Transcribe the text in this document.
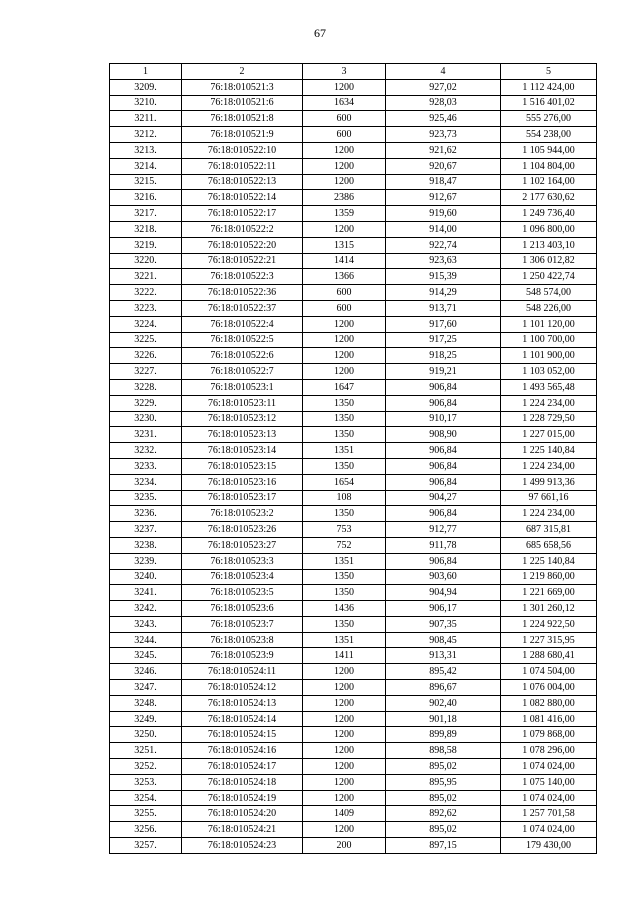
67
1	2	3	4	5
3209.	76:18:010521:3	1200	927,02	1 112 424,00
3210.	76:18:010521:6	1634	928,03	1 516 401,02
3211.	76:18:010521:8	600	925,46	555 276,00
3212.	76:18:010521:9	600	923,73	554 238,00
3213.	76:18:010522:10	1200	921,62	1 105 944,00
3214.	76:18:010522:11	1200	920,67	1 104 804,00
3215.	76:18:010522:13	1200	918,47	1 102 164,00
3216.	76:18:010522:14	2386	912,67	2 177 630,62
3217.	76:18:010522:17	1359	919,60	1 249 736,40
3218.	76:18:010522:2	1200	914,00	1 096 800,00
3219.	76:18:010522:20	1315	922,74	1 213 403,10
3220.	76:18:010522:21	1414	923,63	1 306 012,82
3221.	76:18:010522:3	1366	915,39	1 250 422,74
3222.	76:18:010522:36	600	914,29	548 574,00
3223.	76:18:010522:37	600	913,71	548 226,00
3224.	76:18:010522:4	1200	917,60	1 101 120,00
3225.	76:18:010522:5	1200	917,25	1 100 700,00
3226.	76:18:010522:6	1200	918,25	1 101 900,00
3227.	76:18:010522:7	1200	919,21	1 103 052,00
3228.	76:18:010523:1	1647	906,84	1 493 565,48
3229.	76:18:010523:11	1350	906,84	1 224 234,00
3230.	76:18:010523:12	1350	910,17	1 228 729,50
3231.	76:18:010523:13	1350	908,90	1 227 015,00
3232.	76:18:010523:14	1351	906,84	1 225 140,84
3233.	76:18:010523:15	1350	906,84	1 224 234,00
3234.	76:18:010523:16	1654	906,84	1 499 913,36
3235.	76:18:010523:17	108	904,27	97 661,16
3236.	76:18:010523:2	1350	906,84	1 224 234,00
3237.	76:18:010523:26	753	912,77	687 315,81
3238.	76:18:010523:27	752	911,78	685 658,56
3239.	76:18:010523:3	1351	906,84	1 225 140,84
3240.	76:18:010523:4	1350	903,60	1 219 860,00
3241.	76:18:010523:5	1350	904,94	1 221 669,00
3242.	76:18:010523:6	1436	906,17	1 301 260,12
3243.	76:18:010523:7	1350	907,35	1 224 922,50
3244.	76:18:010523:8	1351	908,45	1 227 315,95
3245.	76:18:010523:9	1411	913,31	1 288 680,41
3246.	76:18:010524:11	1200	895,42	1 074 504,00
3247.	76:18:010524:12	1200	896,67	1 076 004,00
3248.	76:18:010524:13	1200	902,40	1 082 880,00
3249.	76:18:010524:14	1200	901,18	1 081 416,00
3250.	76:18:010524:15	1200	899,89	1 079 868,00
3251.	76:18:010524:16	1200	898,58	1 078 296,00
3252.	76:18:010524:17	1200	895,02	1 074 024,00
3253.	76:18:010524:18	1200	895,95	1 075 140,00
3254.	76:18:010524:19	1200	895,02	1 074 024,00
3255.	76:18:010524:20	1409	892,62	1 257 701,58
3256.	76:18:010524:21	1200	895,02	1 074 024,00
3257.	76:18:010524:23	200	897,15	179 430,00
